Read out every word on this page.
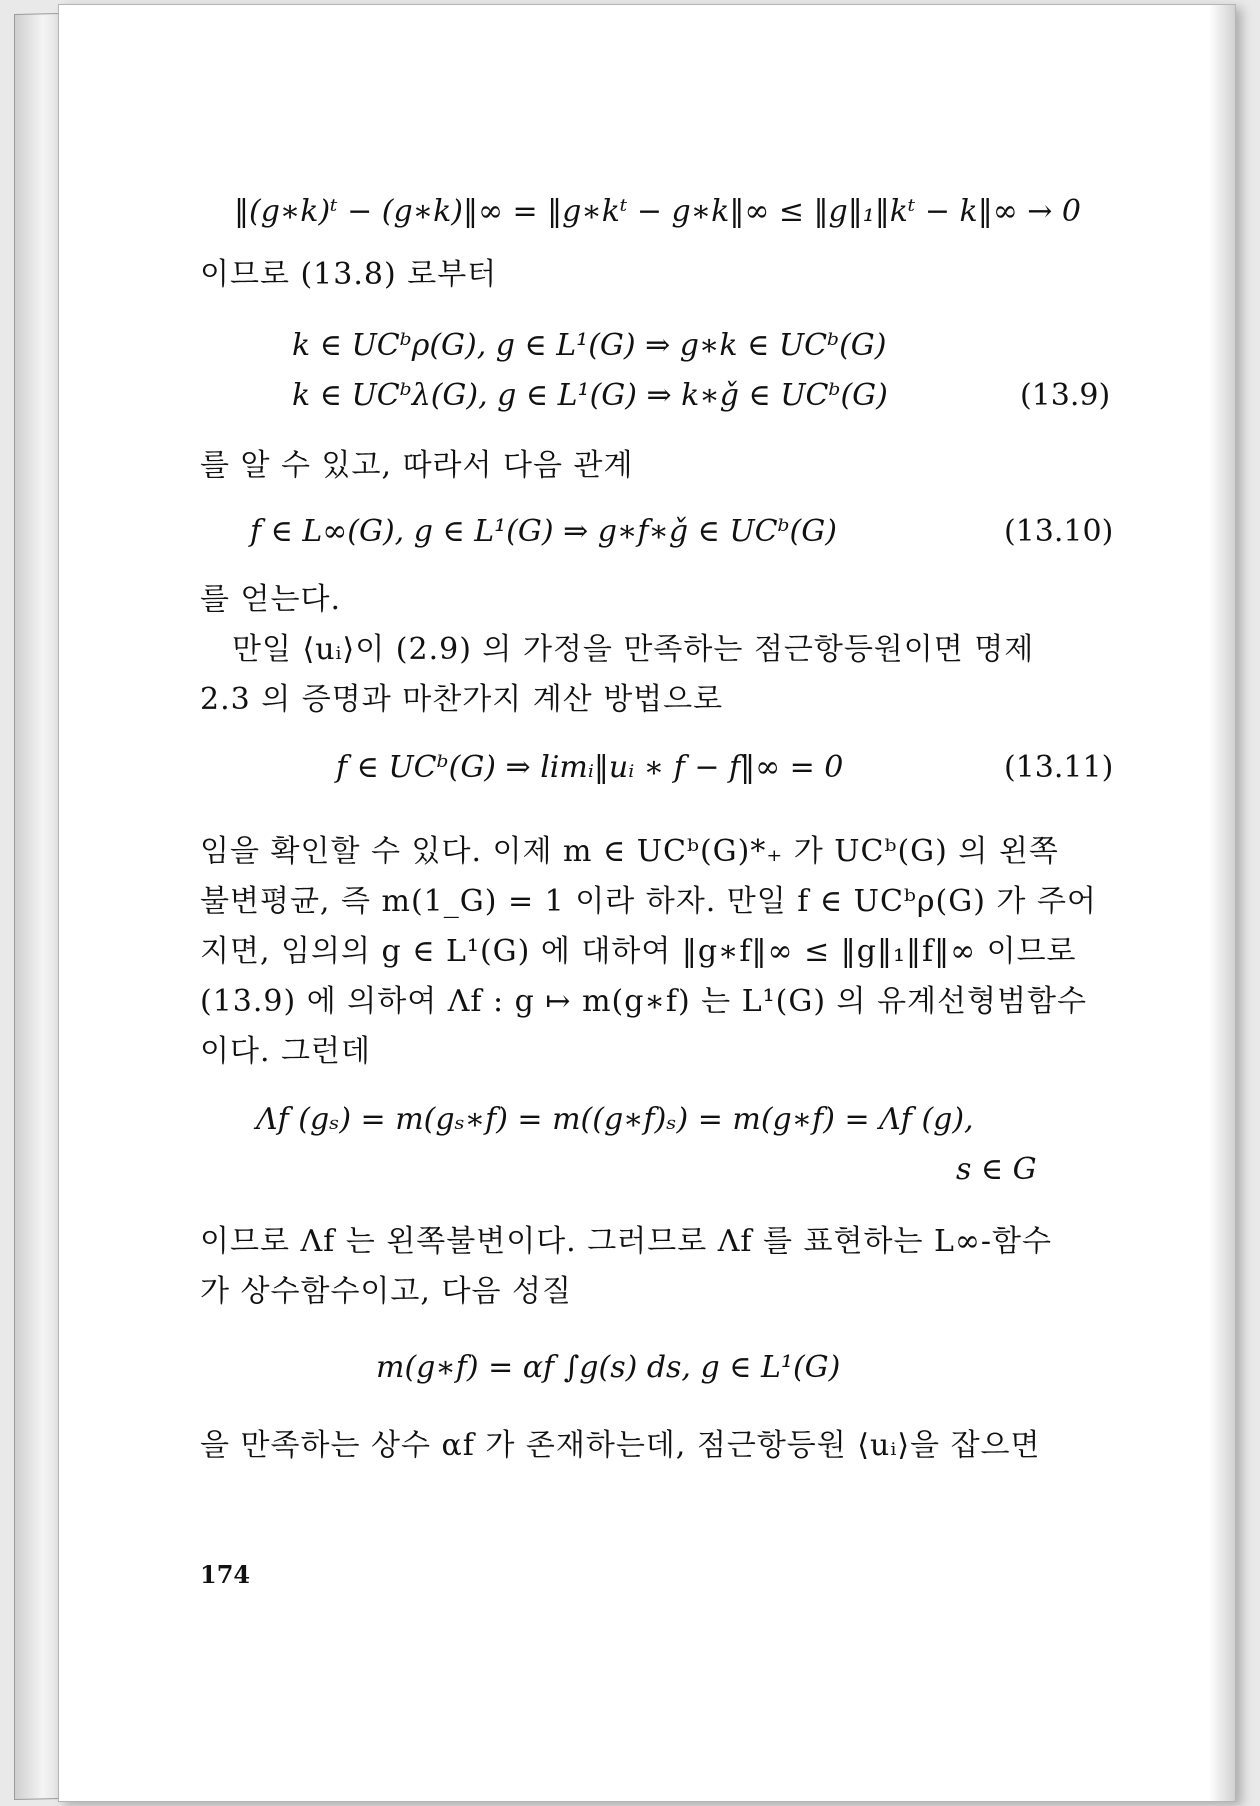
‖(g∗k)ᵗ − (g∗k)‖∞ = ‖g∗kᵗ − g∗k‖∞ ≤ ‖g‖₁‖kᵗ − k‖∞ → 0
이므로 (13.8) 로부터
k ∈ UCᵇρ(G), g ∈ L¹(G) ⇒ g∗k ∈ UCᵇ(G)
k ∈ UCᵇλ(G), g ∈ L¹(G) ⇒ k∗ǧ ∈ UCᵇ(G)	(13.9)
를 알 수 있고, 따라서 다음 관계
f ∈ L∞(G), g ∈ L¹(G) ⇒ g∗f∗ǧ ∈ UCᵇ(G)	(13.10)
를 얻는다.
만일 ⟨uᵢ⟩이 (2.9) 의 가정을 만족하는 점근항등원이면 명제
2.3 의 증명과 마찬가지 계산 방법으로
f ∈ UCᵇ(G) ⇒ limᵢ‖uᵢ ∗ f − f‖∞ = 0	(13.11)
임을 확인할 수 있다. 이제 m ∈ UCᵇ(G)*₊ 가 UCᵇ(G) 의 왼쪽
불변평균, 즉 m(1_G) = 1 이라 하자. 만일 f ∈ UCᵇρ(G) 가 주어
지면, 임의의 g ∈ L¹(G) 에 대하여 ‖g∗f‖∞ ≤ ‖g‖₁‖f‖∞ 이므로
(13.9) 에 의하여 Λf : g ↦ m(g∗f) 는 L¹(G) 의 유계선형범함수
이다. 그런데
Λf (gₛ) = m(gₛ∗f) = m((g∗f)ₛ) = m(g∗f) = Λf (g),
s ∈ G
이므로 Λf 는 왼쪽불변이다. 그러므로 Λf 를 표현하는 L∞-함수
가 상수함수이고, 다음 성질
m(g∗f) = αf ∫g(s) ds, g ∈ L¹(G)
을 만족하는 상수 αf 가 존재하는데, 점근항등원 ⟨uᵢ⟩을 잡으면
174
